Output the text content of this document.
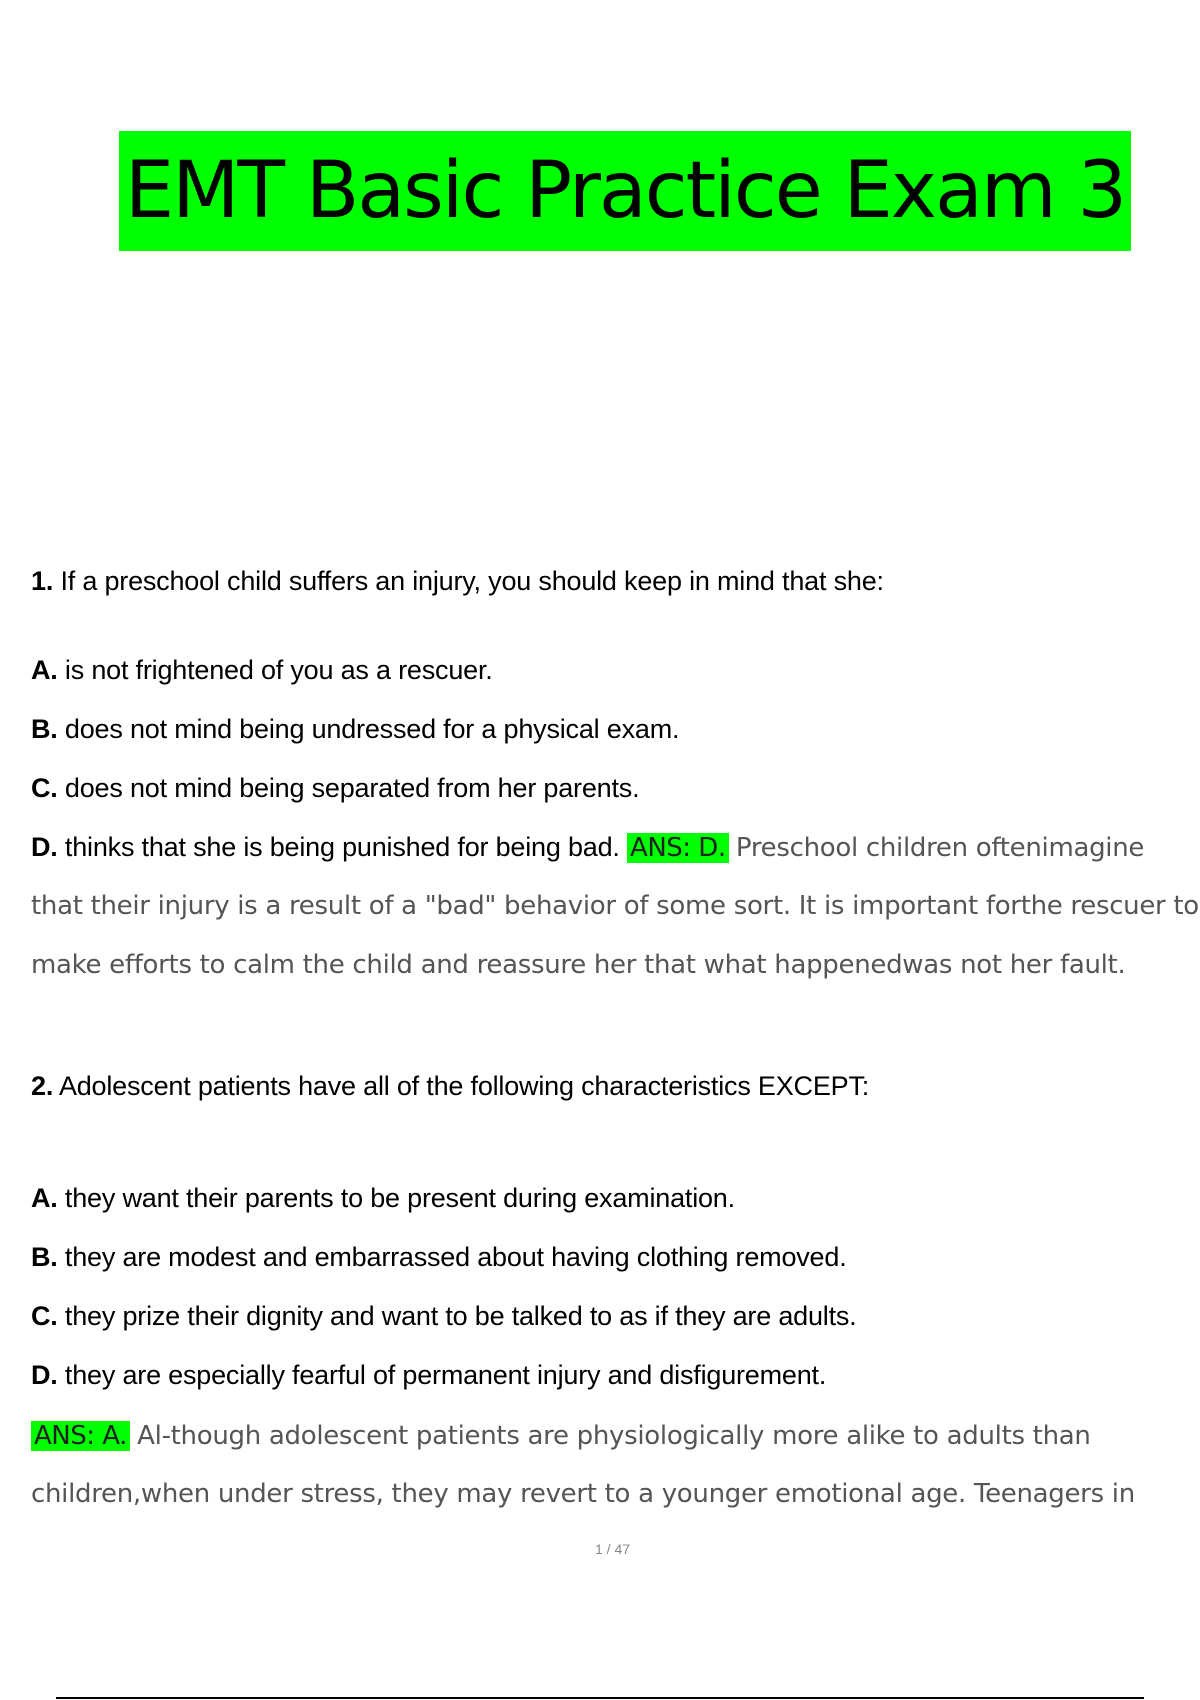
EMT Basic Practice Exam 3
1. If a preschool child suffers an injury, you should keep in mind that she:
A. is not frightened of you as a rescuer.
B. does not mind being undressed for a physical exam.
C. does not mind being separated from her parents.
D. thinks that she is being punished for being bad. ANS: D. Preschool children oftenimagine
that their injury is a result of a "bad" behavior of some sort. It is important forthe rescuer to
make efforts to calm the child and reassure her that what happenedwas not her fault.
2. Adolescent patients have all of the following characteristics EXCEPT:
A. they want their parents to be present during examination.
B. they are modest and embarrassed about having clothing removed.
C. they prize their dignity and want to be talked to as if they are adults.
D. they are especially fearful of permanent injury and disfigurement.
ANS: A. Al-though adolescent patients are physiologically more alike to adults than
children,when under stress, they may revert to a younger emotional age. Teenagers in
1 / 47
